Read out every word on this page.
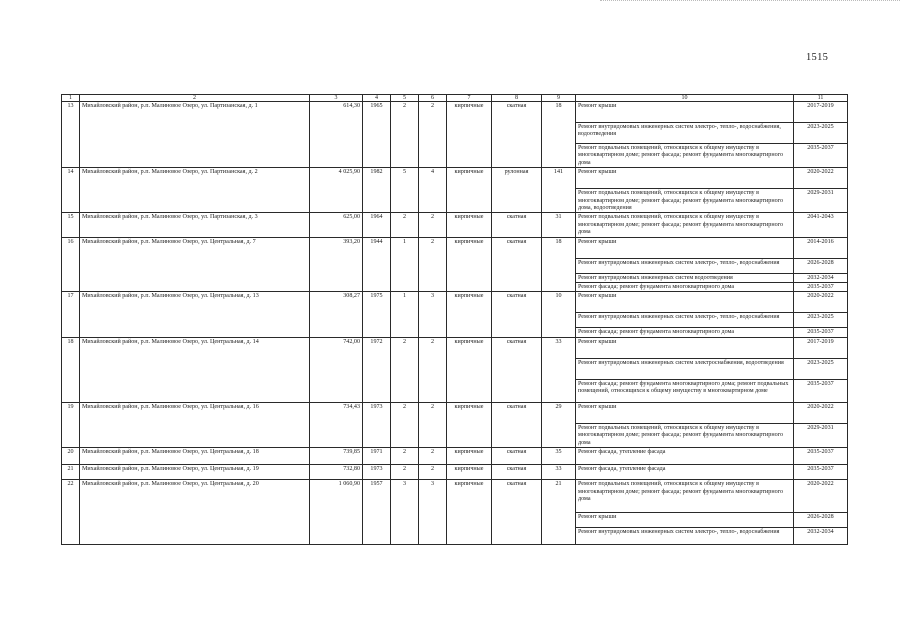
1515
1	2	3	4	5	6	7	8	9	10	11
13	Михайловский район, р.п. Малиновое Озеро, ул. Партизанская, д. 1	614,30	1965	2	2	кирпичные	скатная	18	Ремонт крыши	2017-2019
									Ремонт внутридомовых инженерных систем электро-, тепло-, водоснабжения, водоотведения	2023-2025
									Ремонт подвальных помещений, относящихся к общему имуществу в многоквартирном доме; ремонт фасада; ремонт фундамента многоквартирного дома	2035-2037
14	Михайловский район, р.п. Малиновое Озеро, ул. Партизанская, д. 2	4 025,90	1982	5	4	кирпичные	рулонная	141	Ремонт крыши	2020-2022
									Ремонт подвальных помещений, относящихся к общему имуществу в многоквартирном доме; ремонт фасада; ремонт фундамента многоквартирного дома, водоотведения	2029-2031
15	Михайловский район, р.п. Малиновое Озеро, ул. Партизанская, д. 3	625,00	1964	2	2	кирпичные	скатная	31	Ремонт подвальных помещений, относящихся к общему имуществу в многоквартирном доме; ремонт фасада; ремонт фундамента многоквартирного дома	2041-2043
16	Михайловский район, р.п. Малиновое Озеро, ул. Центральная, д. 7	393,20	1944	1	2	кирпичные	скатная	18	Ремонт крыши	2014-2016
									Ремонт внутридомовых инженерных систем электро-, тепло-, водоснабжения	2026-2028
									Ремонт внутридомовых инженерных систем водоотведения	2032-2034
									Ремонт фасада; ремонт фундамента многоквартирного дома	2035-2037
17	Михайловский район, р.п. Малиновое Озеро, ул. Центральная, д. 13	308,27	1975	1	3	кирпичные	скатная	10	Ремонт крыши	2020-2022
									Ремонт внутридомовых инженерных систем электро-, тепло-, водоснабжения	2023-2025
									Ремонт фасада; ремонт фундамента многоквартирного дома	2035-2037
18	Михайловский район, р.п. Малиновое Озеро, ул. Центральная, д. 14	742,00	1972	2	2	кирпичные	скатная	33	Ремонт крыши	2017-2019
									Ремонт внутридомовых инженерных систем электроснабжения, водоотведения	2023-2025
									Ремонт фасада; ремонт фундамента многоквартирного дома; ремонт подвальных помещений, относящихся к общему имуществу в многоквартирном доме	2035-2037
19	Михайловский район, р.п. Малиновое Озеро, ул. Центральная, д. 16	734,43	1973	2	2	кирпичные	скатная	29	Ремонт крыши	2020-2022
									Ремонт подвальных помещений, относящихся к общему имуществу в многоквартирном доме; ремонт фасада; ремонт фундамента многоквартирного дома	2029-2031
20	Михайловский район, р.п. Малиновое Озеро, ул. Центральная, д. 18	739,85	1971	2	2	кирпичные	скатная	35	Ремонт фасада, утепление фасада	2035-2037
21	Михайловский район, р.п. Малиновое Озеро, ул. Центральная, д. 19	732,80	1973	2	2	кирпичные	скатная	33	Ремонт фасада, утепление фасада	2035-2037
22	Михайловский район, р.п. Малиновое Озеро, ул. Центральная, д. 20	1 060,90	1957	3	3	кирпичные	скатная	21	Ремонт подвальных помещений, относящихся к общему имуществу в многоквартирном доме; ремонт фасада; ремонт фундамента многоквартирного дома	2020-2022
									Ремонт крыши	2026-2028
									Ремонт внутридомовых инженерных систем электро-, тепло-, водоснабжения	2032-2034
